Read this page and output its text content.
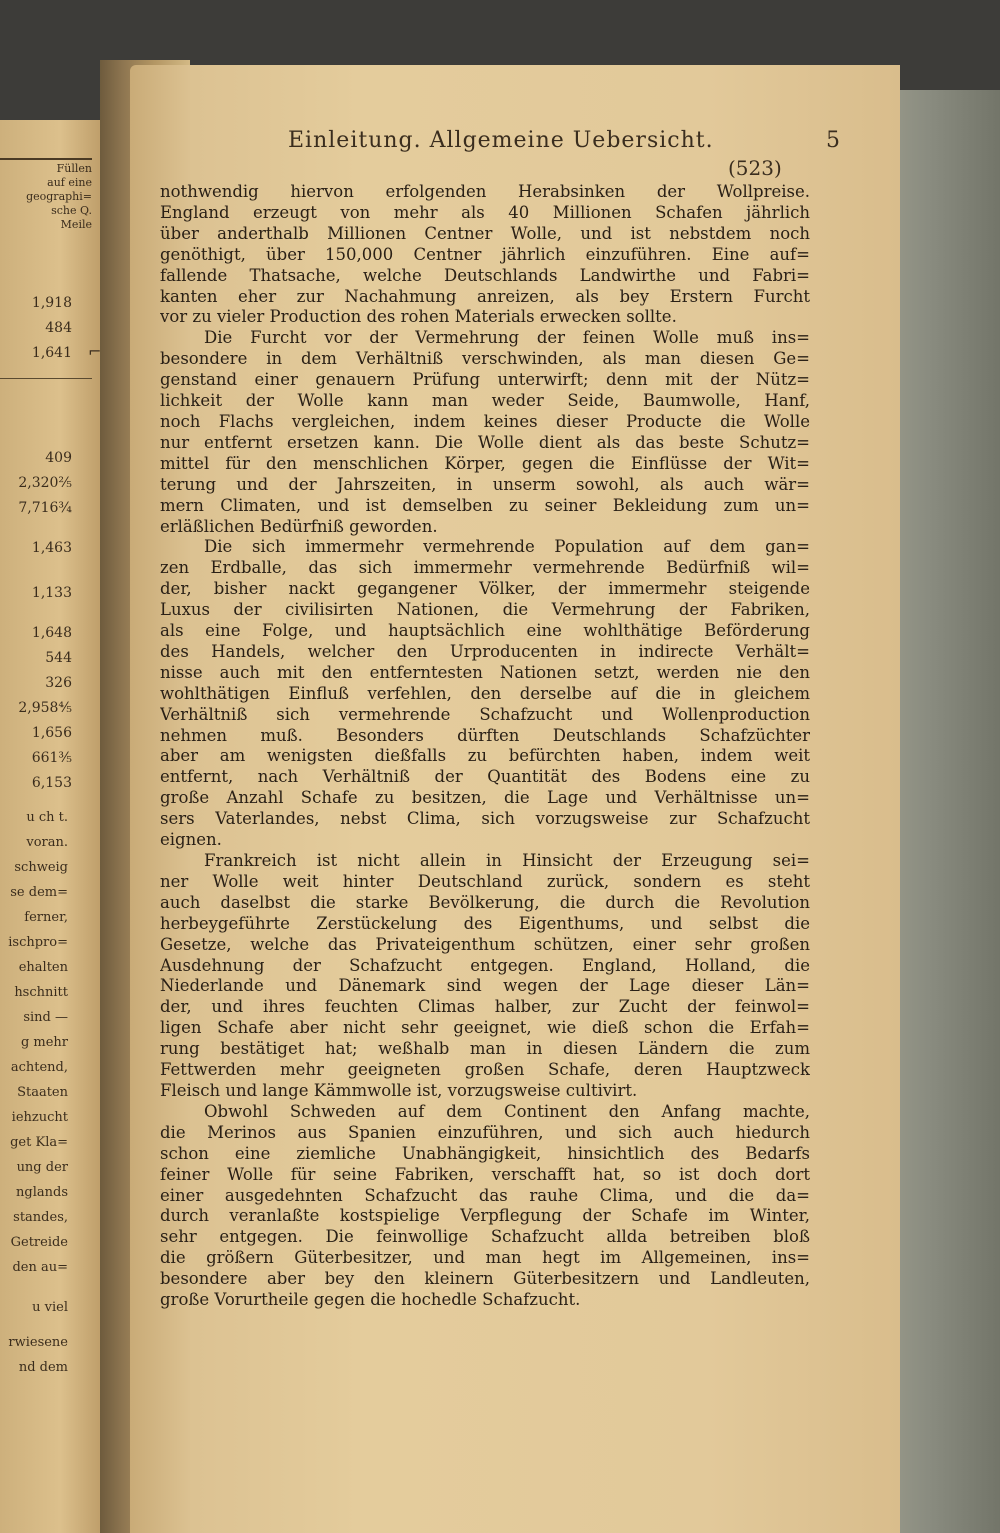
Füllen
auf eine
geographi=
sche Q.
Meile
1,918
484
1,641
409
2,320⅖
7,716¾
1,463
1,133
1,648
544
326
2,958⅘
1,656
661⅗
6,153
u ch t.
voran.
schweig
se dem=
ferner,
ischpro=
ehalten
hschnitt
sind —
g mehr
achtend,
Staaten
iehzucht
get Kla=
ung der
nglands
standes,
Getreide
den au=
u viel
rwiesene
nd dem
Einleitung. Allgemeine Uebersicht.	5
(523)
⌐

nothwendig hiervon erfolgenden Herabsinken der Wollpreise.
England erzeugt von mehr als 40 Millionen Schafen jährlich
über anderthalb Millionen Centner Wolle, und ist nebstdem noch
genöthigt, über 150,000 Centner jährlich einzuführen. Eine auf=
fallende Thatsache, welche Deutschlands Landwirthe und Fabri=
kanten eher zur Nachahmung anreizen, als bey Erstern Furcht
vor zu vieler Production des rohen Materials erwecken sollte.

Die Furcht vor der Vermehrung der feinen Wolle muß ins=
besondere in dem Verhältniß verschwinden, als man diesen Ge=
genstand einer genauern Prüfung unterwirft; denn mit der Nütz=
lichkeit der Wolle kann man weder Seide, Baumwolle, Hanf,
noch Flachs vergleichen, indem keines dieser Producte die Wolle
nur entfernt ersetzen kann. Die Wolle dient als das beste Schutz=
mittel für den menschlichen Körper, gegen die Einflüsse der Wit=
terung und der Jahrszeiten, in unserm sowohl, als auch wär=
mern Climaten, und ist demselben zu seiner Bekleidung zum un=
erläßlichen Bedürfniß geworden.

Die sich immermehr vermehrende Population auf dem gan=
zen Erdballe, das sich immermehr vermehrende Bedürfniß wil=
der, bisher nackt gegangener Völker, der immermehr steigende
Luxus der civilisirten Nationen, die Vermehrung der Fabriken,
als eine Folge, und hauptsächlich eine wohlthätige Beförderung
des Handels, welcher den Urproducenten in indirecte Verhält=
nisse auch mit den entferntesten Nationen setzt, werden nie den
wohlthätigen Einfluß verfehlen, den derselbe auf die in gleichem
Verhältniß sich vermehrende Schafzucht und Wollenproduction
nehmen muß. Besonders dürften Deutschlands Schafzüchter
aber am wenigsten dießfalls zu befürchten haben, indem weit
entfernt, nach Verhältniß der Quantität des Bodens eine zu
große Anzahl Schafe zu besitzen, die Lage und Verhältnisse un=
sers Vaterlandes, nebst Clima, sich vorzugsweise zur Schafzucht
eignen.

Frankreich ist nicht allein in Hinsicht der Erzeugung sei=
ner Wolle weit hinter Deutschland zurück, sondern es steht
auch daselbst die starke Bevölkerung, die durch die Revolution
herbeygeführte Zerstückelung des Eigenthums, und selbst die
Gesetze, welche das Privateigenthum schützen, einer sehr großen
Ausdehnung der Schafzucht entgegen. England, Holland, die
Niederlande und Dänemark sind wegen der Lage dieser Län=
der, und ihres feuchten Climas halber, zur Zucht der feinwol=
ligen Schafe aber nicht sehr geeignet, wie dieß schon die Erfah=
rung bestätiget hat; weßhalb man in diesen Ländern die zum
Fettwerden mehr geeigneten großen Schafe, deren Hauptzweck
Fleisch und lange Kämmwolle ist, vorzugsweise cultivirt.

Obwohl Schweden auf dem Continent den Anfang machte,
die Merinos aus Spanien einzuführen, und sich auch hiedurch
schon eine ziemliche Unabhängigkeit, hinsichtlich des Bedarfs
feiner Wolle für seine Fabriken, verschafft hat, so ist doch dort
einer ausgedehnten Schafzucht das rauhe Clima, und die da=
durch veranlaßte kostspielige Verpflegung der Schafe im Winter,
sehr entgegen. Die feinwollige Schafzucht allda betreiben bloß
die größern Güterbesitzer, und man hegt im Allgemeinen, ins=
besondere aber bey den kleinern Güterbesitzern und Landleuten,
große Vorurtheile gegen die hochedle Schafzucht.
